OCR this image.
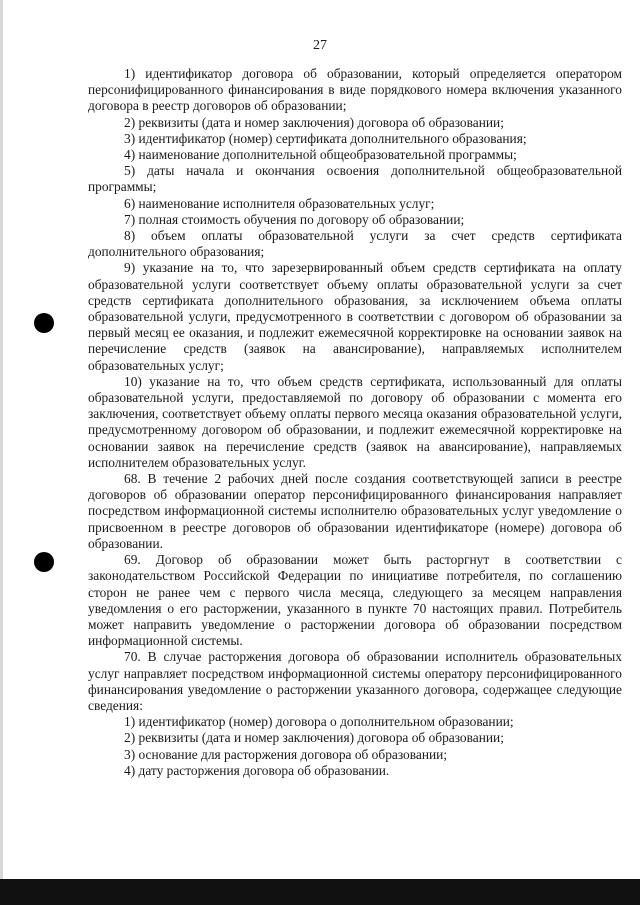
27

1) идентификатор договора об образовании, который определяется оператором персонифицированного финансирования в виде порядкового номера включения указанного договора в реестр договоров об образовании;

2) реквизиты (дата и номер заключения) договора об образовании;

3) идентификатор (номер) сертификата дополнительного образования;

4) наименование дополнительной общеобразовательной программы;

5) даты начала и окончания освоения дополнительной общеобразовательной программы;

6) наименование исполнителя образовательных услуг;

7) полная стоимость обучения по договору об образовании;

8) объем оплаты образовательной услуги за счет средств сертификата дополнительного образования;

9) указание на то, что зарезервированный объем средств сертификата на оплату образовательной услуги соответствует объему оплаты образовательной услуги за счет средств сертификата дополнительного образования, за исключением объема оплаты образовательной услуги, предусмотренного в соответствии с договором об образовании за первый месяц ее оказания, и подлежит ежемесячной корректировке на основании заявок на перечисление средств (заявок на авансирование), направляемых исполнителем образовательных услуг;

10) указание на то, что объем средств сертификата, использованный для оплаты образовательной услуги, предоставляемой по договору об образовании с момента его заключения, соответствует объему оплаты первого месяца оказания образовательной услуги, предусмотренному договором об образовании, и подлежит ежемесячной корректировке на основании заявок на перечисление средств (заявок на авансирование), направляемых исполнителем образовательных услуг.

68. В течение 2 рабочих дней после создания соответствующей записи в реестре договоров об образовании оператор персонифицированного финансирования направляет посредством информационной системы исполнителю образовательных услуг уведомление о присвоенном в реестре договоров об образовании идентификаторе (номере) договора об образовании.

69. Договор об образовании может быть расторгнут в соответствии с законодательством Российской Федерации по инициативе потребителя, по соглашению сторон не ранее чем с первого числа месяца, следующего за месяцем направления уведомления о его расторжении, указанного в пункте 70 настоящих правил. Потребитель может направить уведомление о расторжении договора об образовании посредством информационной системы.

70. В случае расторжения договора об образовании исполнитель образовательных услуг направляет посредством информационной системы оператору персонифицированного финансирования уведомление о расторжении указанного договора, содержащее следующие сведения:

1) идентификатор (номер) договора о дополнительном образовании;

2) реквизиты (дата и номер заключения) договора об образовании;

3) основание для расторжения договора об образовании;

4) дату расторжения договора об образовании.
